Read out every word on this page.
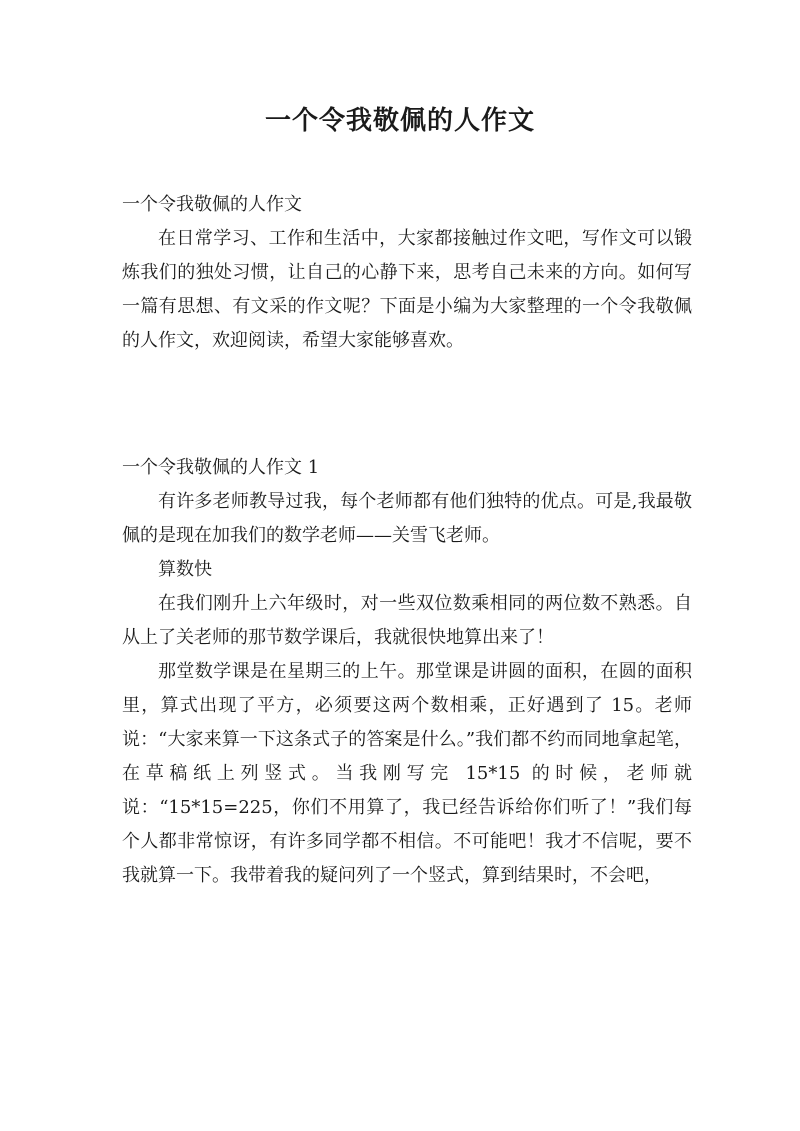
一个令我敬佩的人作文
一个令我敬佩的人作文

在日常学习、工作和生活中，大家都接触过作文吧，写作文可以锻炼我们的独处习惯，让自己的心静下来，思考自己未来的方向。如何写一篇有思想、有文采的作文呢？下面是小编为大家整理的一个令我敬佩的人作文，欢迎阅读，希望大家能够喜欢。

一个令我敬佩的人作文 1

有许多老师教导过我，每个老师都有他们独特的优点。可是,我最敬佩的是现在加我们的数学老师——关雪飞老师。

算数快

在我们刚升上六年级时，对一些双位数乘相同的两位数不熟悉。自从上了关老师的那节数学课后，我就很快地算出来了！

那堂数学课是在星期三的上午。那堂课是讲圆的面积，在圆的面积里，算式出现了平方，必须要这两个数相乘，正好遇到了 15。老师说：“大家来算一下这条式子的答案是什么。”我们都不约而同地拿起笔，在草稿纸上列竖式。当我刚写完 15*15 的时候，老师就说：“15*15=225，你们不用算了，我已经告诉给你们听了！”我们每个人都非常惊讶，有许多同学都不相信。不可能吧！我才不信呢，要不我就算一下。我带着我的疑问列了一个竖式，算到结果时，不会吧，
